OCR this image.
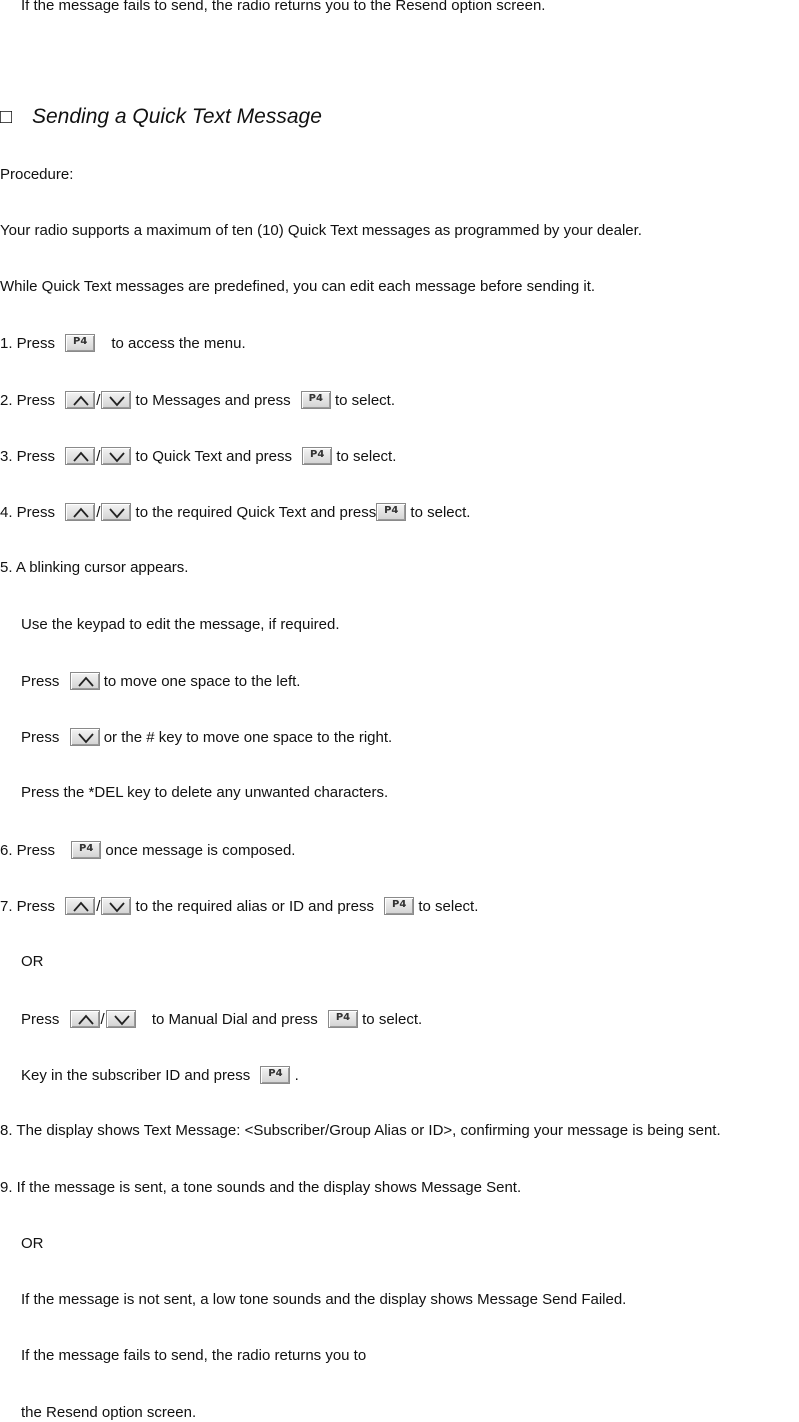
If the message fails to send, the radio returns you to the Resend option screen.
□ Sending a Quick Text Message
Procedure:
Your radio supports a maximum of ten (10) Quick Text messages as programmed by your dealer.
While Quick Text messages are predefined, you can edit each message before sending it.
1. Press	P4	to access the menu.
2. Press	/ to Messages and press	P4 to select.
3. Press	/ to Quick Text and press	P4 to select.
4. Press	/ to the required Quick Text and press P4 to select.
5. A blinking cursor appears.
Use the keypad to edit the message, if required.
Press	to move one space to the left.
Press	or the # key to move one space to the right.
Press the *DEL key to delete any unwanted characters.
6. Press	P4 once message is composed.
7. Press	/ to the required alias or ID and press	P4 to select.
OR
Press	/	to Manual Dial and press	P4 to select.
Key in the subscriber ID and press	P4 .
8. The display shows Text Message: <Subscriber/Group Alias or ID>, confirming your message is being sent.
9. If the message is sent, a tone sounds and the display shows Message Sent.
OR
If the message is not sent, a low tone sounds and the display shows Message Send Failed.
If the message fails to send, the radio returns you to
the Resend option screen.
